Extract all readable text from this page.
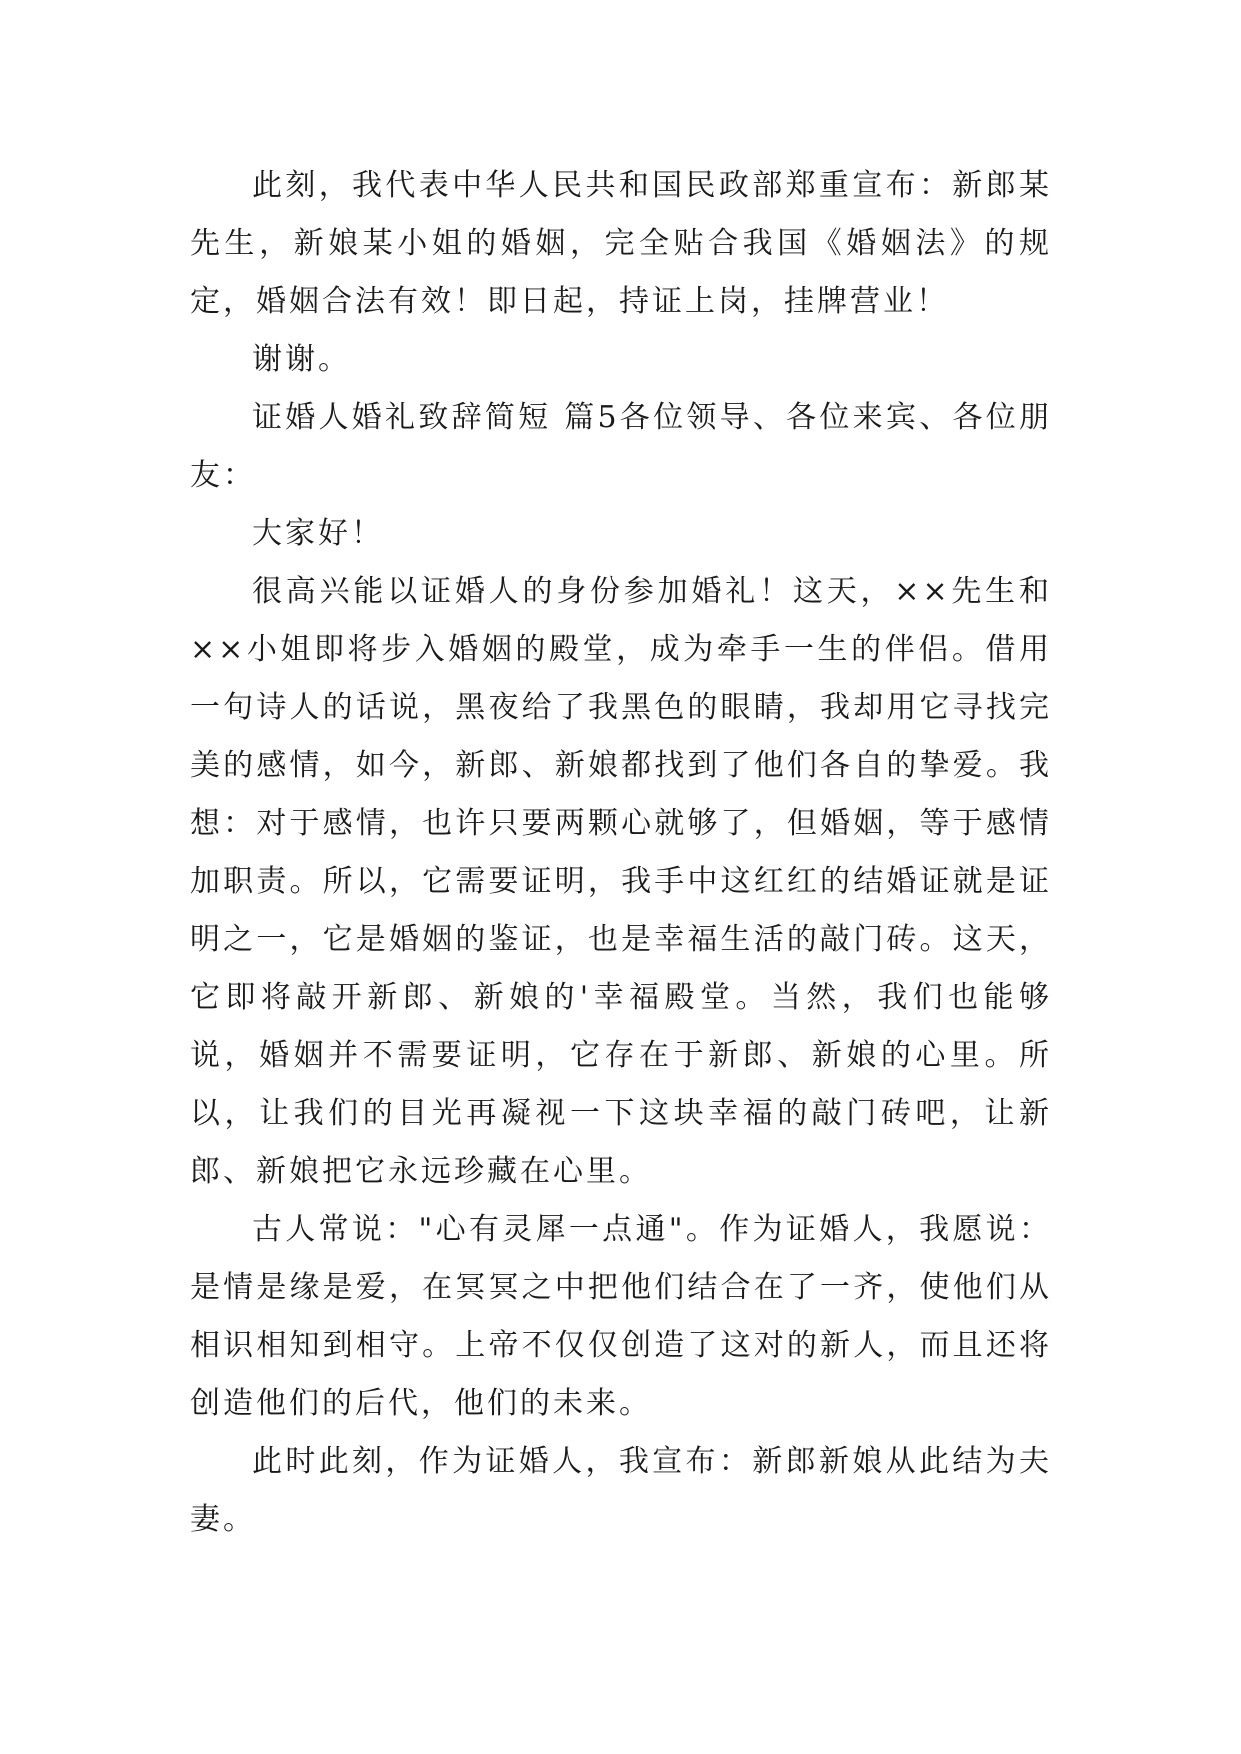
此刻，我代表中华人民共和国民政部郑重宣布：新郎某先生，新娘某小姐的婚姻，完全贴合我国《婚姻法》的规定，婚姻合法有效！即日起，持证上岗，挂牌营业！

谢谢。

证婚人婚礼致辞简短 篇5各位领导、各位来宾、各位朋友：

大家好！

很高兴能以证婚人的身份参加婚礼！这天，××先生和××小姐即将步入婚姻的殿堂，成为牵手一生的伴侣。借用一句诗人的话说，黑夜给了我黑色的眼睛，我却用它寻找完美的感情，如今，新郎、新娘都找到了他们各自的挚爱。我想：对于感情，也许只要两颗心就够了，但婚姻，等于感情加职责。所以，它需要证明，我手中这红红的结婚证就是证明之一，它是婚姻的鉴证，也是幸福生活的敲门砖。这天，它即将敲开新郎、新娘的'幸福殿堂。当然，我们也能够说，婚姻并不需要证明，它存在于新郎、新娘的心里。所以，让我们的目光再凝视一下这块幸福的敲门砖吧，让新郎、新娘把它永远珍藏在心里。

古人常说："心有灵犀一点通"。作为证婚人，我愿说：是情是缘是爱，在冥冥之中把他们结合在了一齐，使他们从相识相知到相守。上帝不仅仅创造了这对的新人，而且还将创造他们的后代，他们的未来。

此时此刻，作为证婚人，我宣布：新郎新娘从此结为夫妻。
